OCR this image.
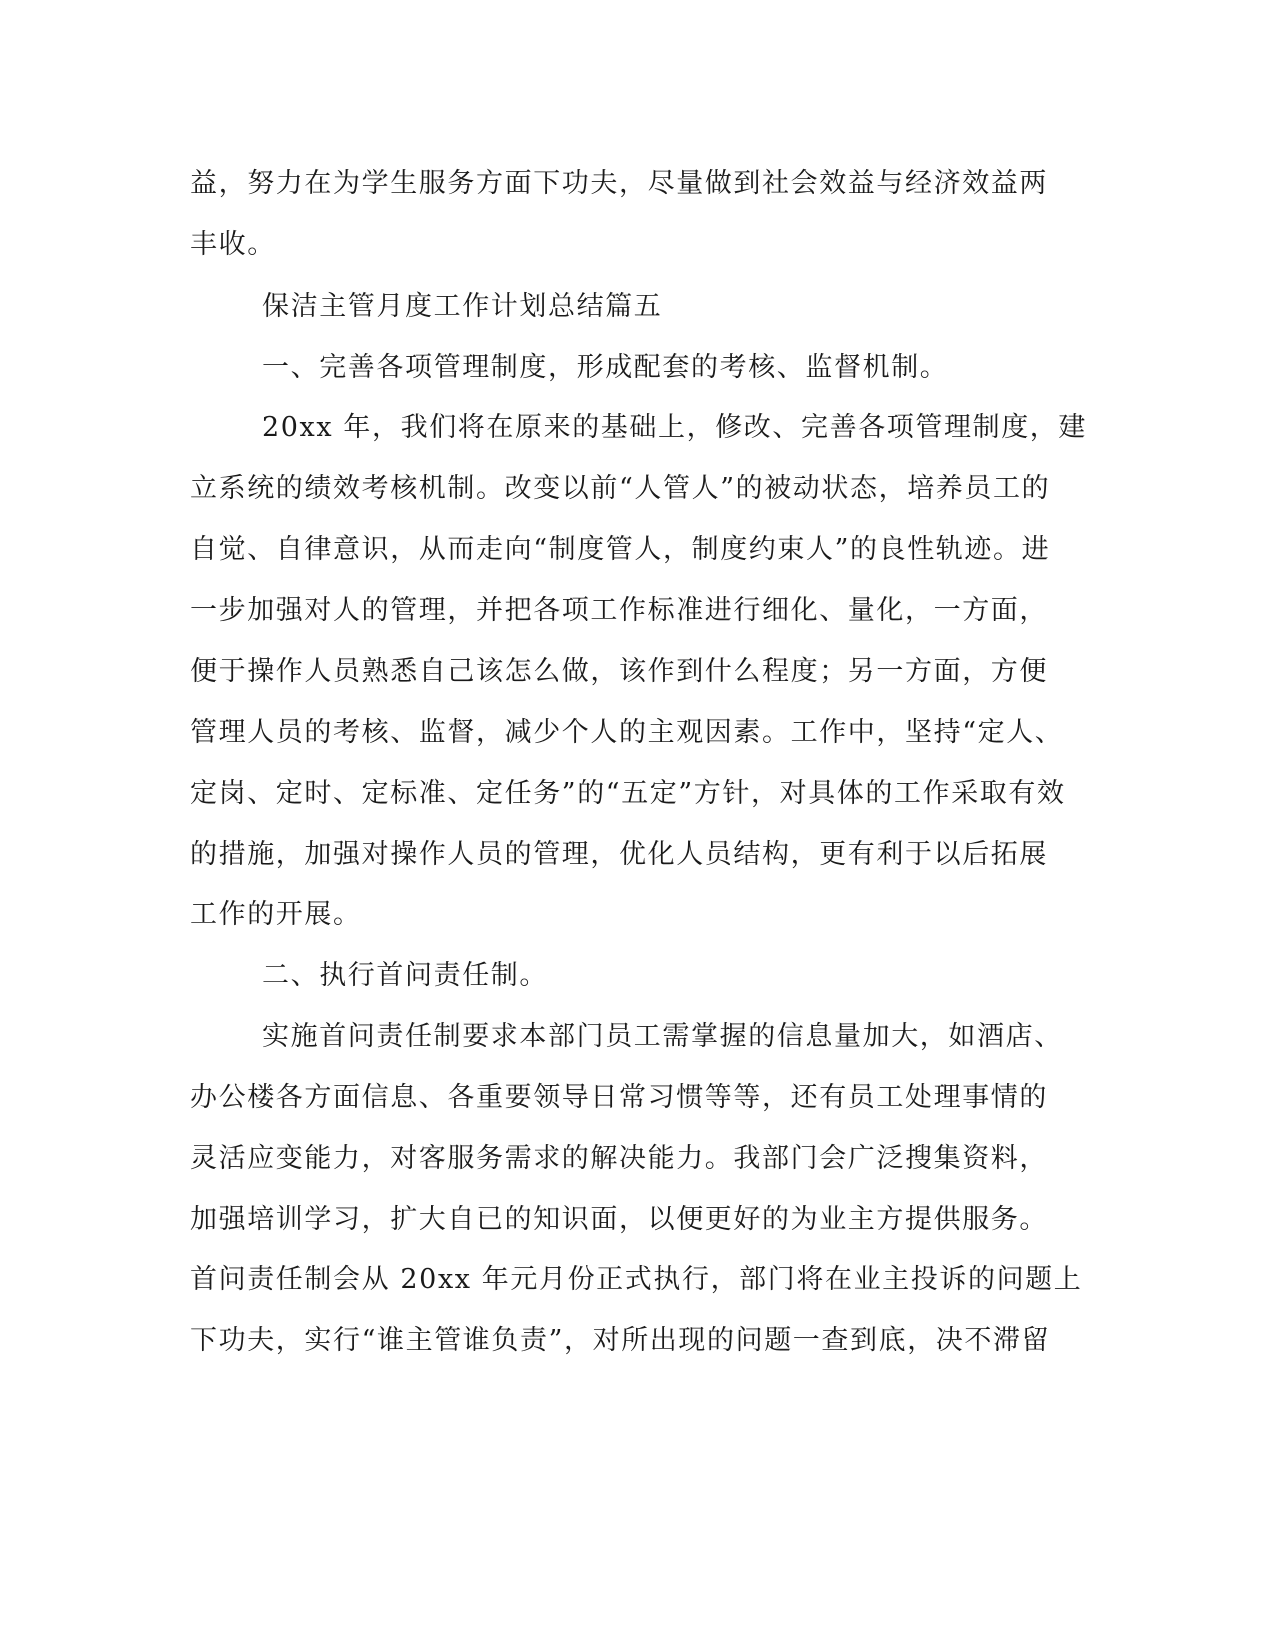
益，努力在为学生服务方面下功夫，尽量做到社会效益与经济效益两
丰收。
保洁主管月度工作计划总结篇五
一、完善各项管理制度，形成配套的考核、监督机制。
20xx 年，我们将在原来的基础上，修改、完善各项管理制度，建
立系统的绩效考核机制。改变以前“人管人”的被动状态，培养员工的
自觉、自律意识，从而走向“制度管人，制度约束人”的良性轨迹。进
一步加强对人的管理，并把各项工作标准进行细化、量化，一方面，
便于操作人员熟悉自己该怎么做，该作到什么程度；另一方面，方便
管理人员的考核、监督，减少个人的主观因素。工作中，坚持“定人、
定岗、定时、定标准、定任务”的“五定”方针，对具体的工作采取有效
的措施，加强对操作人员的管理，优化人员结构，更有利于以后拓展
工作的开展。
二、执行首问责任制。
实施首问责任制要求本部门员工需掌握的信息量加大，如酒店、
办公楼各方面信息、各重要领导日常习惯等等，还有员工处理事情的
灵活应变能力，对客服务需求的解决能力。我部门会广泛搜集资料，
加强培训学习，扩大自已的知识面，以便更好的为业主方提供服务。
首问责任制会从 20xx 年元月份正式执行，部门将在业主投诉的问题上
下功夫，实行“谁主管谁负责”，对所出现的问题一查到底，决不滞留
